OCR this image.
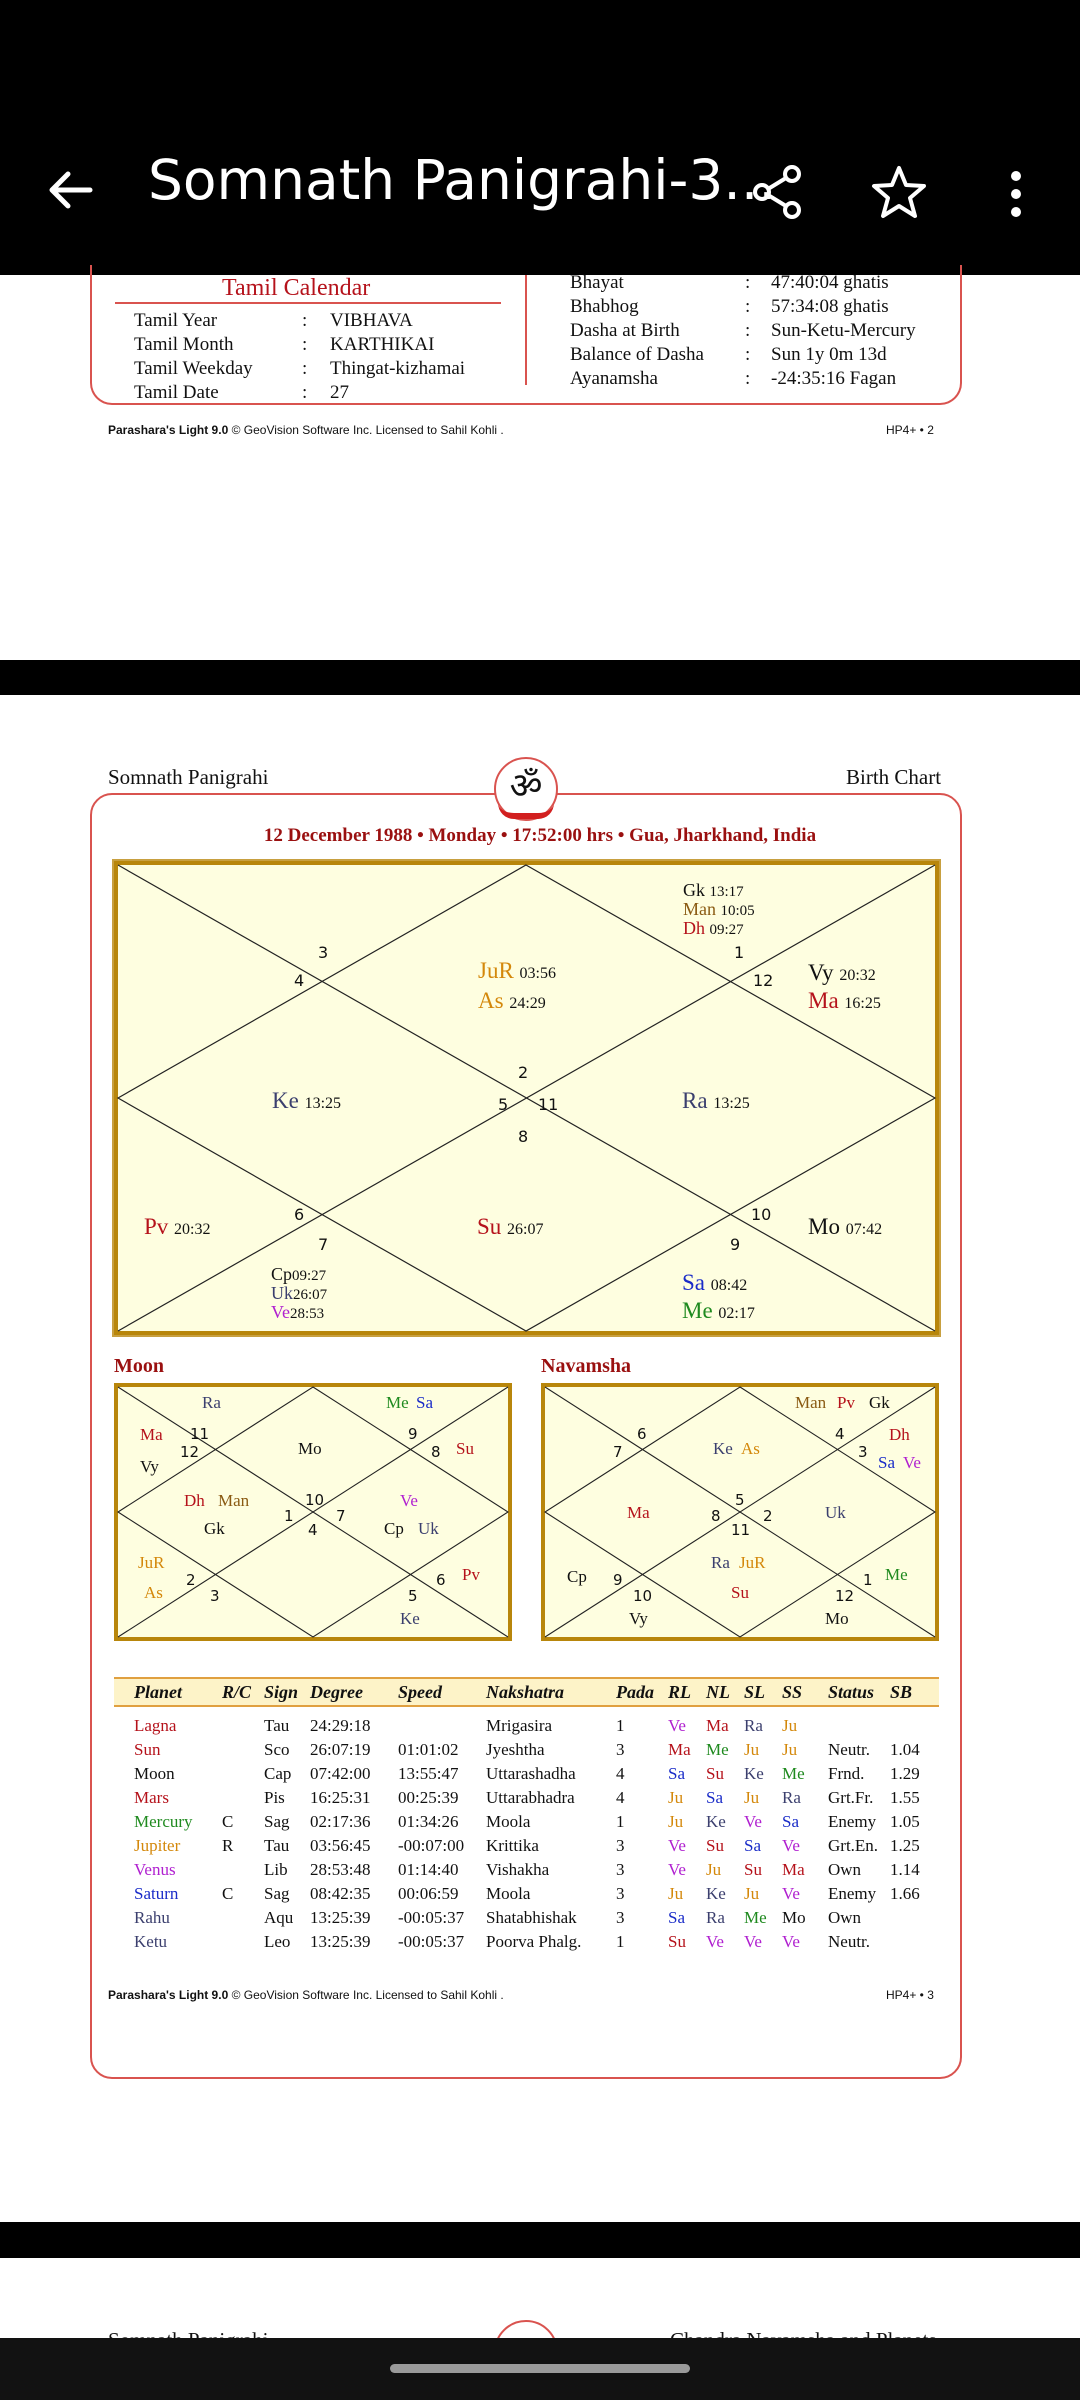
Somnath Panigrahi-3...
Tamil Calendar
Tamil Year	:	VIBHAVA
Tamil Month	:	KARTHIKAI
Tamil Weekday	:	Thingat-kizhamai
Tamil Date	:	27
Bhayat	:	47:40:04 ghatis
Bhabhog	:	57:34:08 ghatis
Dasha at Birth	:	Sun-Ketu-Mercury
Balance of Dasha	:	Sun 1y 0m 13d
Ayanamsha	:	-24:35:16 Fagan
Parashara's Light 9.0 © GeoVision Software Inc. Licensed to Sahil Kohli .	HP4+ • 2
Somnath Panigrahi	Birth Chart
ॐ
12 December 1988 • Monday • 17:52:00 hrs • Gua, Jharkhand, India
2
8
5 11
1
12
3
4
6
7
10
9
Gk 13:17
Man 10:05
Dh 09:27
JuR 03:56
As 24:29
Vy 20:32
Ma 16:25
Ke 13:25	Ra 13:25
Pv 20:32	Su 26:07	Mo 07:42
Cp09:27
Uk26:07
Ve28:53
Sa 08:42
Me 02:17
Moon
11
12
9
8
10
1	7
4
2
3
6
5
Ra	Me Sa
Ma
Vy
Mo	Su
Dh Man
Gk
Ve
Cp Uk
JuR
As
Pv
Ke
Navamsha
6
7
4
3
5
8	2
11
9
10
1
12
Man Pv Gk
Dh
Sa Ve
Ke As
Ma	Uk
Ra JuR
Su
Cp
Vy	Mo
Me
Planet	R/C	Sign	Degree	Speed	Nakshatra	Pada	RL	NL	SL	SS	Status	SB

Lagna		Tau	24:29:18		Mrigasira	1	Ve	Ma	Ra	Ju		
Sun		Sco	26:07:19	01:01:02	Jyeshtha	3	Ma	Me	Ju	Ju	Neutr.	1.04
Moon		Cap	07:42:00	13:55:47	Uttarashadha	4	Sa	Su	Ke	Me	Frnd.	1.29
Mars		Pis	16:25:31	00:25:39	Uttarabhadra	4	Ju	Sa	Ju	Ra	Grt.Fr.	1.55
Mercury	C	Sag	02:17:36	01:34:26	Moola	1	Ju	Ke	Ve	Sa	Enemy	1.05
Jupiter	R	Tau	03:56:45	-00:07:00	Krittika	3	Ve	Su	Sa	Ve	Grt.En.	1.25
Venus		Lib	28:53:48	01:14:40	Vishakha	3	Ve	Ju	Su	Ma	Own	1.14
Saturn	C	Sag	08:42:35	00:06:59	Moola	3	Ju	Ke	Ju	Ve	Enemy	1.66
Rahu		Aqu	13:25:39	-00:05:37	Shatabhishak	3	Sa	Ra	Me	Mo	Own	
Ketu		Leo	13:25:39	-00:05:37	Poorva Phalg.	1	Su	Ve	Ve	Ve	Neutr.	
Parashara's Light 9.0 © GeoVision Software Inc. Licensed to Sahil Kohli .	HP4+ • 3
